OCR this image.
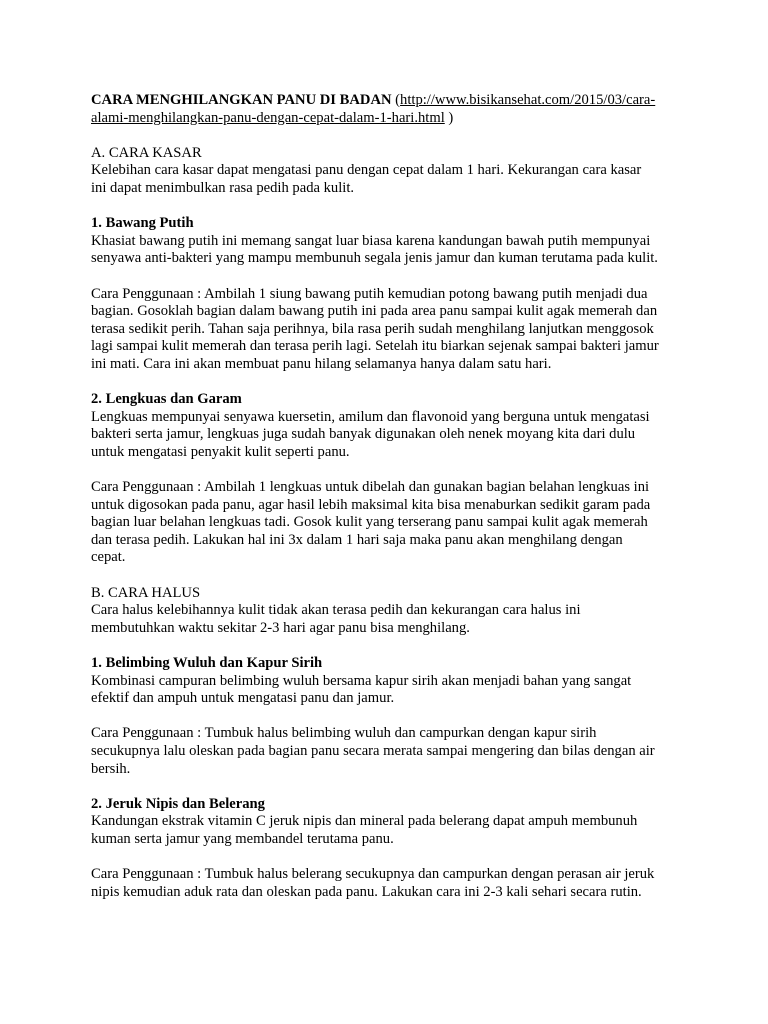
CARA MENGHILANGKAN PANU DI BADAN (http://www.bisikansehat.com/2015/03/cara-
alami-menghilangkan-panu-dengan-cepat-dalam-1-hari.html )
A. CARA KASAR
Kelebihan cara kasar dapat mengatasi panu dengan cepat dalam 1 hari. Kekurangan cara kasar
ini dapat menimbulkan rasa pedih pada kulit.
1. Bawang Putih
Khasiat bawang putih ini memang sangat luar biasa karena kandungan bawah putih mempunyai
senyawa anti-bakteri yang mampu membunuh segala jenis jamur dan kuman terutama pada kulit.
Cara Penggunaan : Ambilah 1 siung bawang putih kemudian potong bawang putih menjadi dua
bagian. Gosoklah bagian dalam bawang putih ini pada area panu sampai kulit agak memerah dan
terasa sedikit perih. Tahan saja perihnya, bila rasa perih sudah menghilang lanjutkan menggosok
lagi sampai kulit memerah dan terasa perih lagi. Setelah itu biarkan sejenak sampai bakteri jamur
ini mati. Cara ini akan membuat panu hilang selamanya hanya dalam satu hari.
2. Lengkuas dan Garam
Lengkuas mempunyai senyawa kuersetin, amilum dan flavonoid yang berguna untuk mengatasi
bakteri serta jamur, lengkuas juga sudah banyak digunakan oleh nenek moyang kita dari dulu
untuk mengatasi penyakit kulit seperti panu.
Cara Penggunaan : Ambilah 1 lengkuas untuk dibelah dan gunakan bagian belahan lengkuas ini
untuk digosokan pada panu, agar hasil lebih maksimal kita bisa menaburkan sedikit garam pada
bagian luar belahan lengkuas tadi. Gosok kulit yang terserang panu sampai kulit agak memerah
dan terasa pedih. Lakukan hal ini 3x dalam 1 hari saja maka panu akan menghilang dengan
cepat.
B. CARA HALUS
Cara halus kelebihannya kulit tidak akan terasa pedih dan kekurangan cara halus ini
membutuhkan waktu sekitar 2-3 hari agar panu bisa menghilang.
1. Belimbing Wuluh dan Kapur Sirih
Kombinasi campuran belimbing wuluh bersama kapur sirih akan menjadi bahan yang sangat
efektif dan ampuh untuk mengatasi panu dan jamur.
Cara Penggunaan : Tumbuk halus belimbing wuluh dan campurkan dengan kapur sirih
secukupnya lalu oleskan pada bagian panu secara merata sampai mengering dan bilas dengan air
bersih.
2. Jeruk Nipis dan Belerang
Kandungan ekstrak vitamin C jeruk nipis dan mineral pada belerang dapat ampuh membunuh
kuman serta jamur yang membandel terutama panu.
Cara Penggunaan : Tumbuk halus belerang secukupnya dan campurkan dengan perasan air jeruk
nipis kemudian aduk rata dan oleskan pada panu. Lakukan cara ini 2-3 kali sehari secara rutin.
